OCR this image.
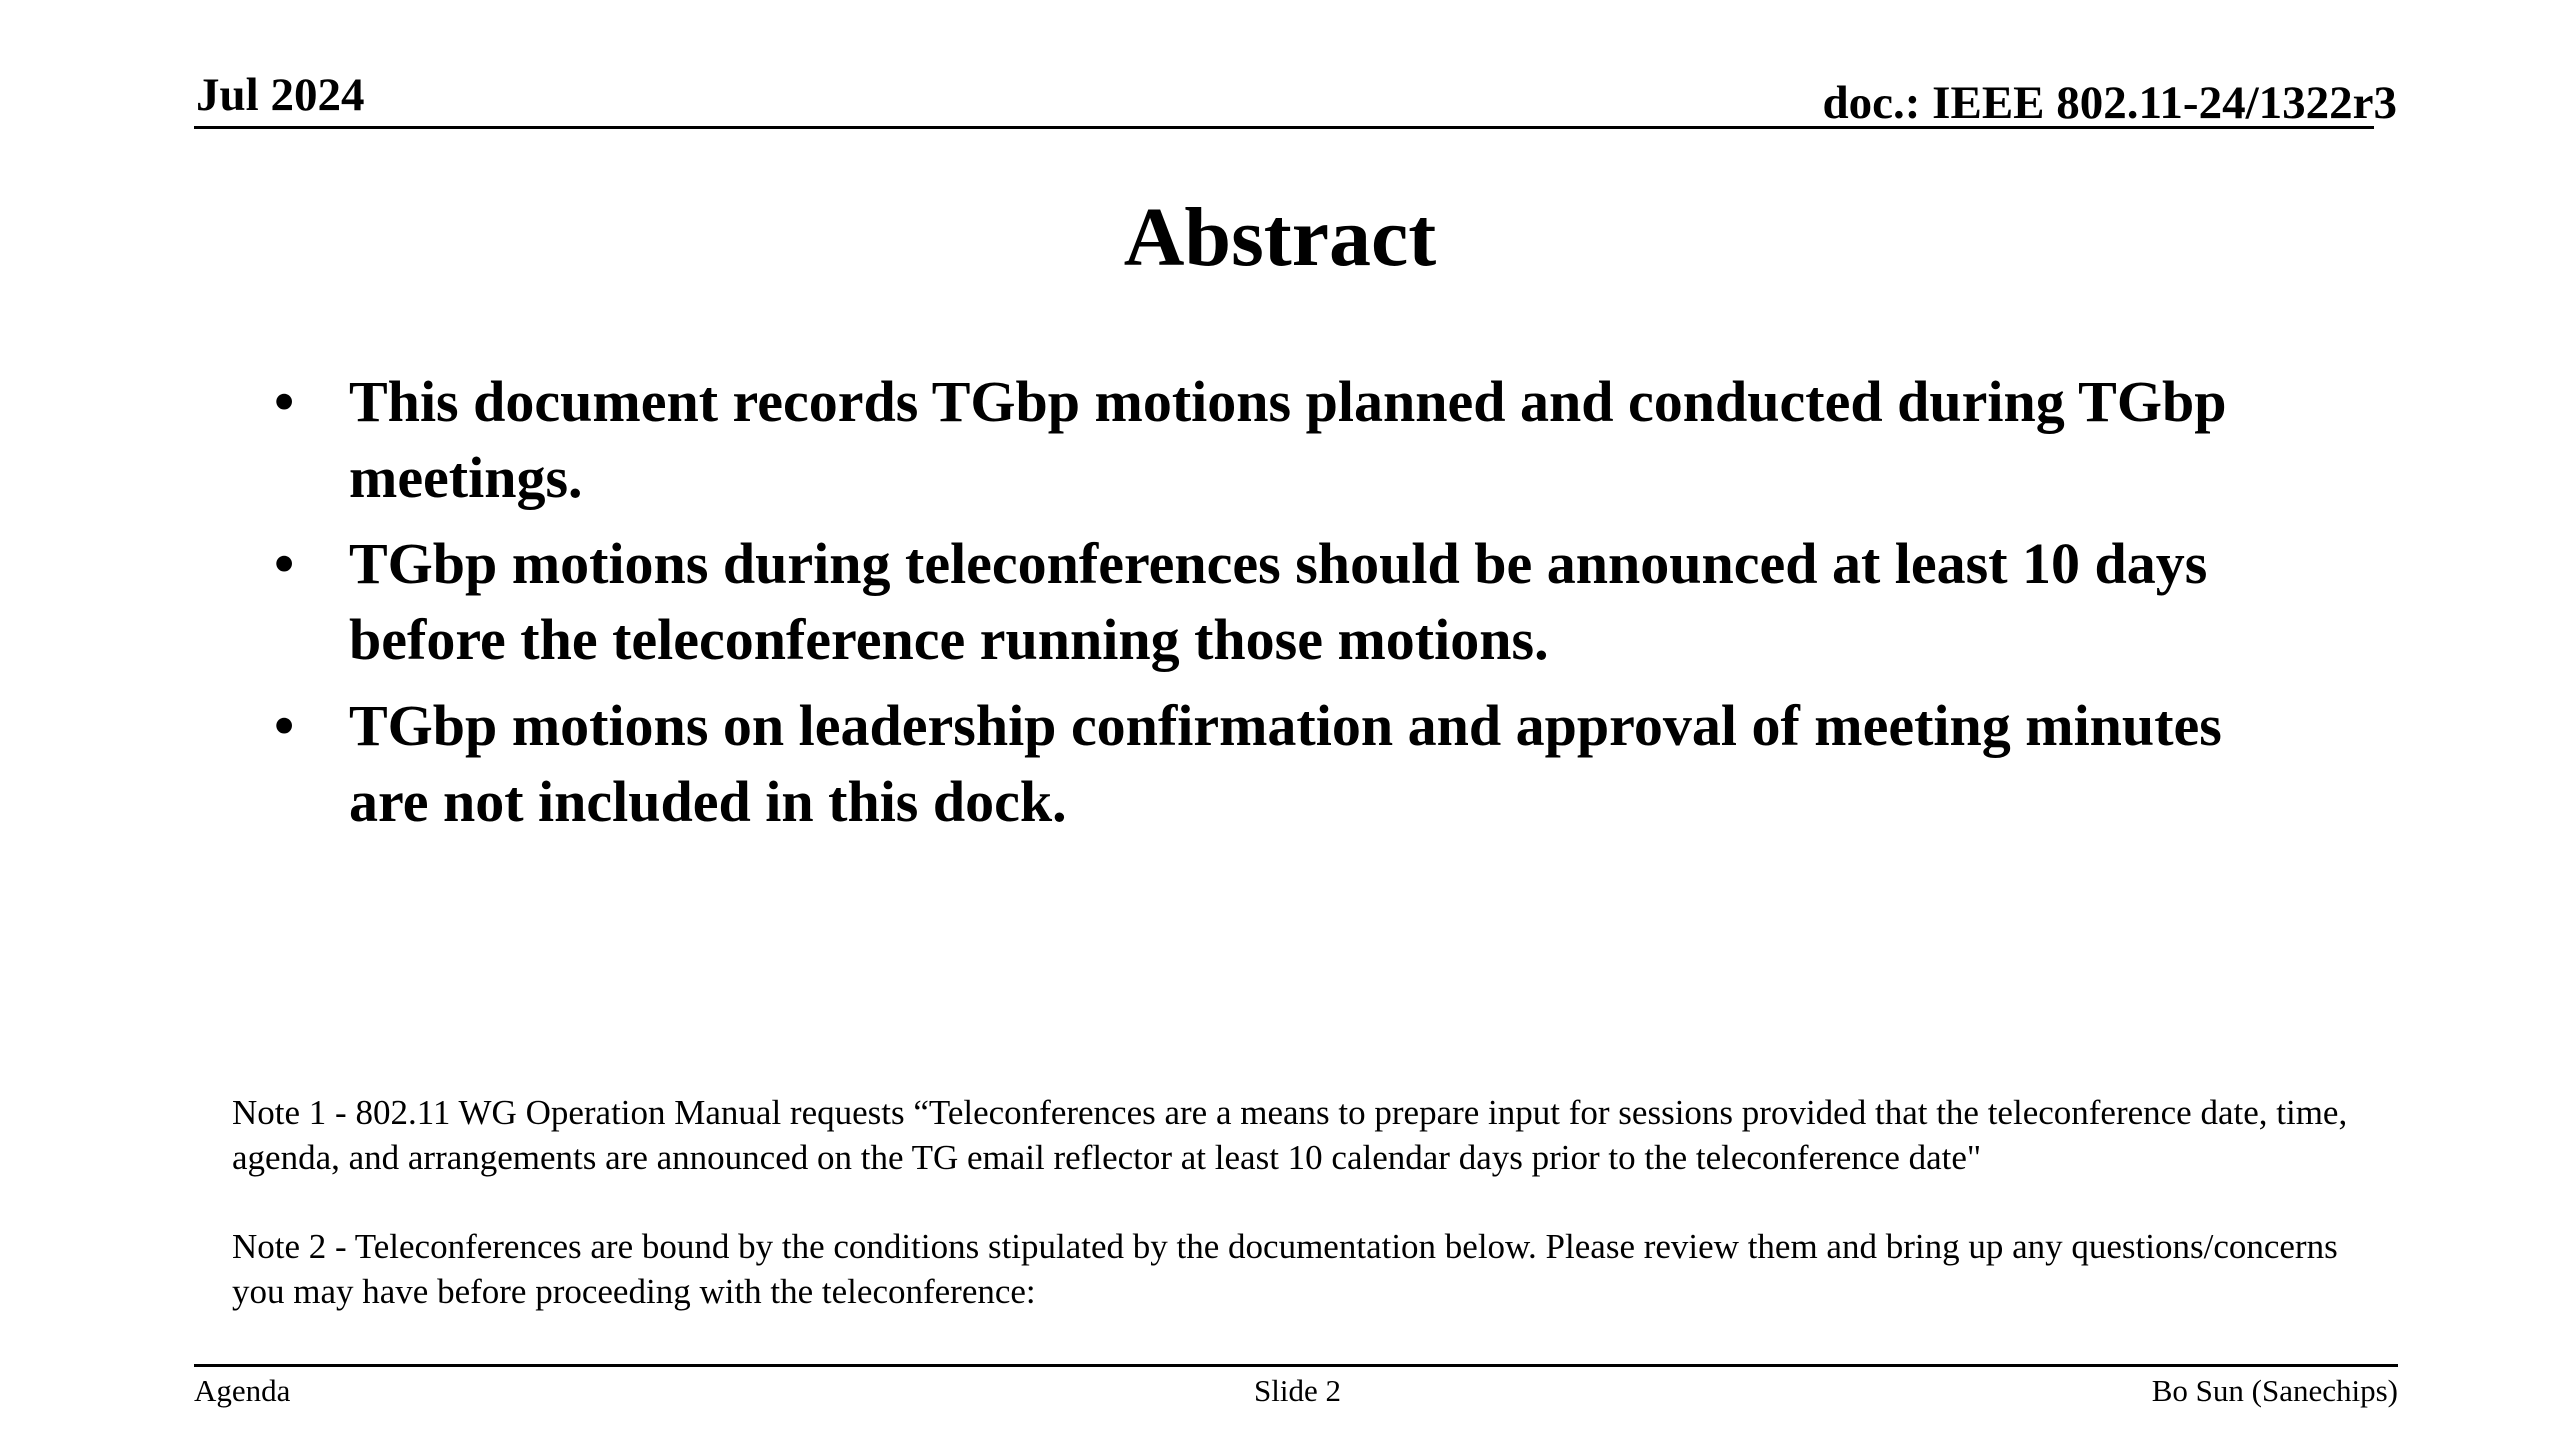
Jul 2024	doc.: IEEE 802.11-24/1322r3
Abstract
• This document records TGbp motions planned and conducted during TGbp meetings.
• TGbp motions during teleconferences should be announced at least 10 days before the teleconference running those motions.
• TGbp motions on leadership confirmation and approval of meeting minutes are not included in this dock.
Note 1 - 802.11 WG Operation Manual requests “Teleconferences are a means to prepare input for sessions provided that the teleconference date, time, agenda, and arrangements are announced on the TG email reflector at least 10 calendar days prior to the teleconference date"
Note 2 - Teleconferences are bound by the conditions stipulated by the documentation below. Please review them and bring up any questions/concerns you may have before proceeding with the teleconference:
Agenda	Slide 2	Bo Sun (Sanechips)
